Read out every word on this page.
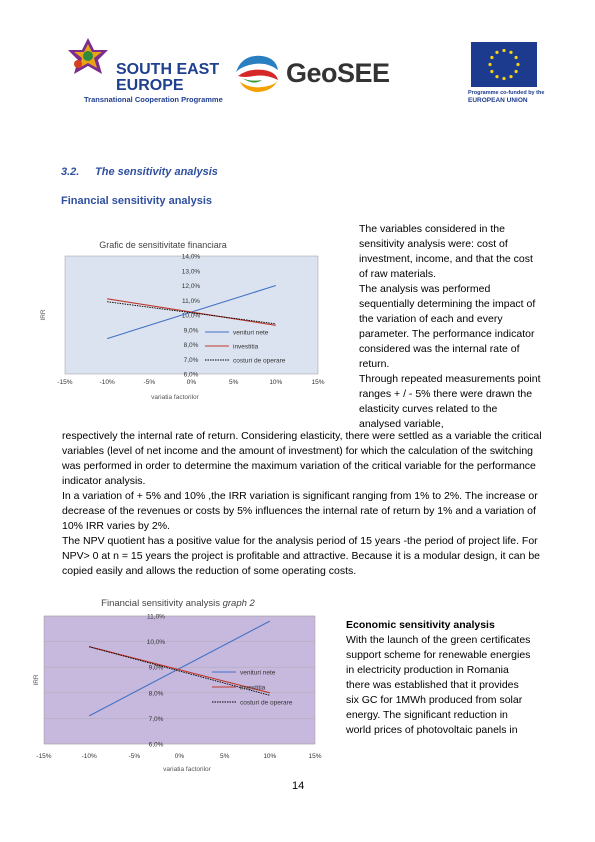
SOUTH EAST
EUROPE
Transnational Cooperation Programme
GeoSEE
Programme co-funded by the
EUROPEAN UNION
3.2. The sensitivity analysis
Financial sensitivity analysis
Grafic de sensitivitate financiara
6,0%
7,0%
8,0%
9,0%
10,0%
11,0%
12,0%
13,0%
14,0%
-15%	-10%	-5%	0%	5%	10%	15%
variatia factorilor
IRR
venituri nete
investitia
costuri de operare
The variables considered in the sensitivity analysis were: cost of investment, income, and that the cost of raw materials.
The analysis was performed sequentially determining the impact of the variation of each and every parameter. The performance indicator considered was the internal rate of return.
Through repeated measurements point ranges + / - 5% there were drawn the elasticity curves related to the analysed variable,
respectively the internal rate of return. Considering elasticity, there were settled as a variable the critical variables (level of net income and the amount of investment) for which the calculation of the switching was performed in order to determine the maximum variation of the critical variable for the performance indicator analysis.
In a variation of + 5% and 10% ,the IRR variation is significant ranging from 1% to 2%. The increase or decrease of the revenues or costs by 5% influences the internal rate of return by 1% and a variation of 10% IRR varies by 2%.
The NPV quotient has a positive value for the analysis period of 15 years -the period of project life. For NPV> 0 at n = 15 years the project is profitable and attractive. Because it is a modular design, it can be copied easily and allows the reduction of some operating costs.
Financial sensitivity analysis graph 2
6,0%
7,0%
8,0%
9,0%
10,0%
11,0%
-15%	-10%	-5%	0%	5%	10%	15%
variatia factorilor
IRR
venituri nete
investitia
costuri de operare
Economic sensitivity analysis
With the launch of the green certificates support scheme for renewable energies in electricity production in Romania there was established that it provides six GC for 1MWh produced from solar energy. The significant reduction in world prices of photovoltaic panels in
14
